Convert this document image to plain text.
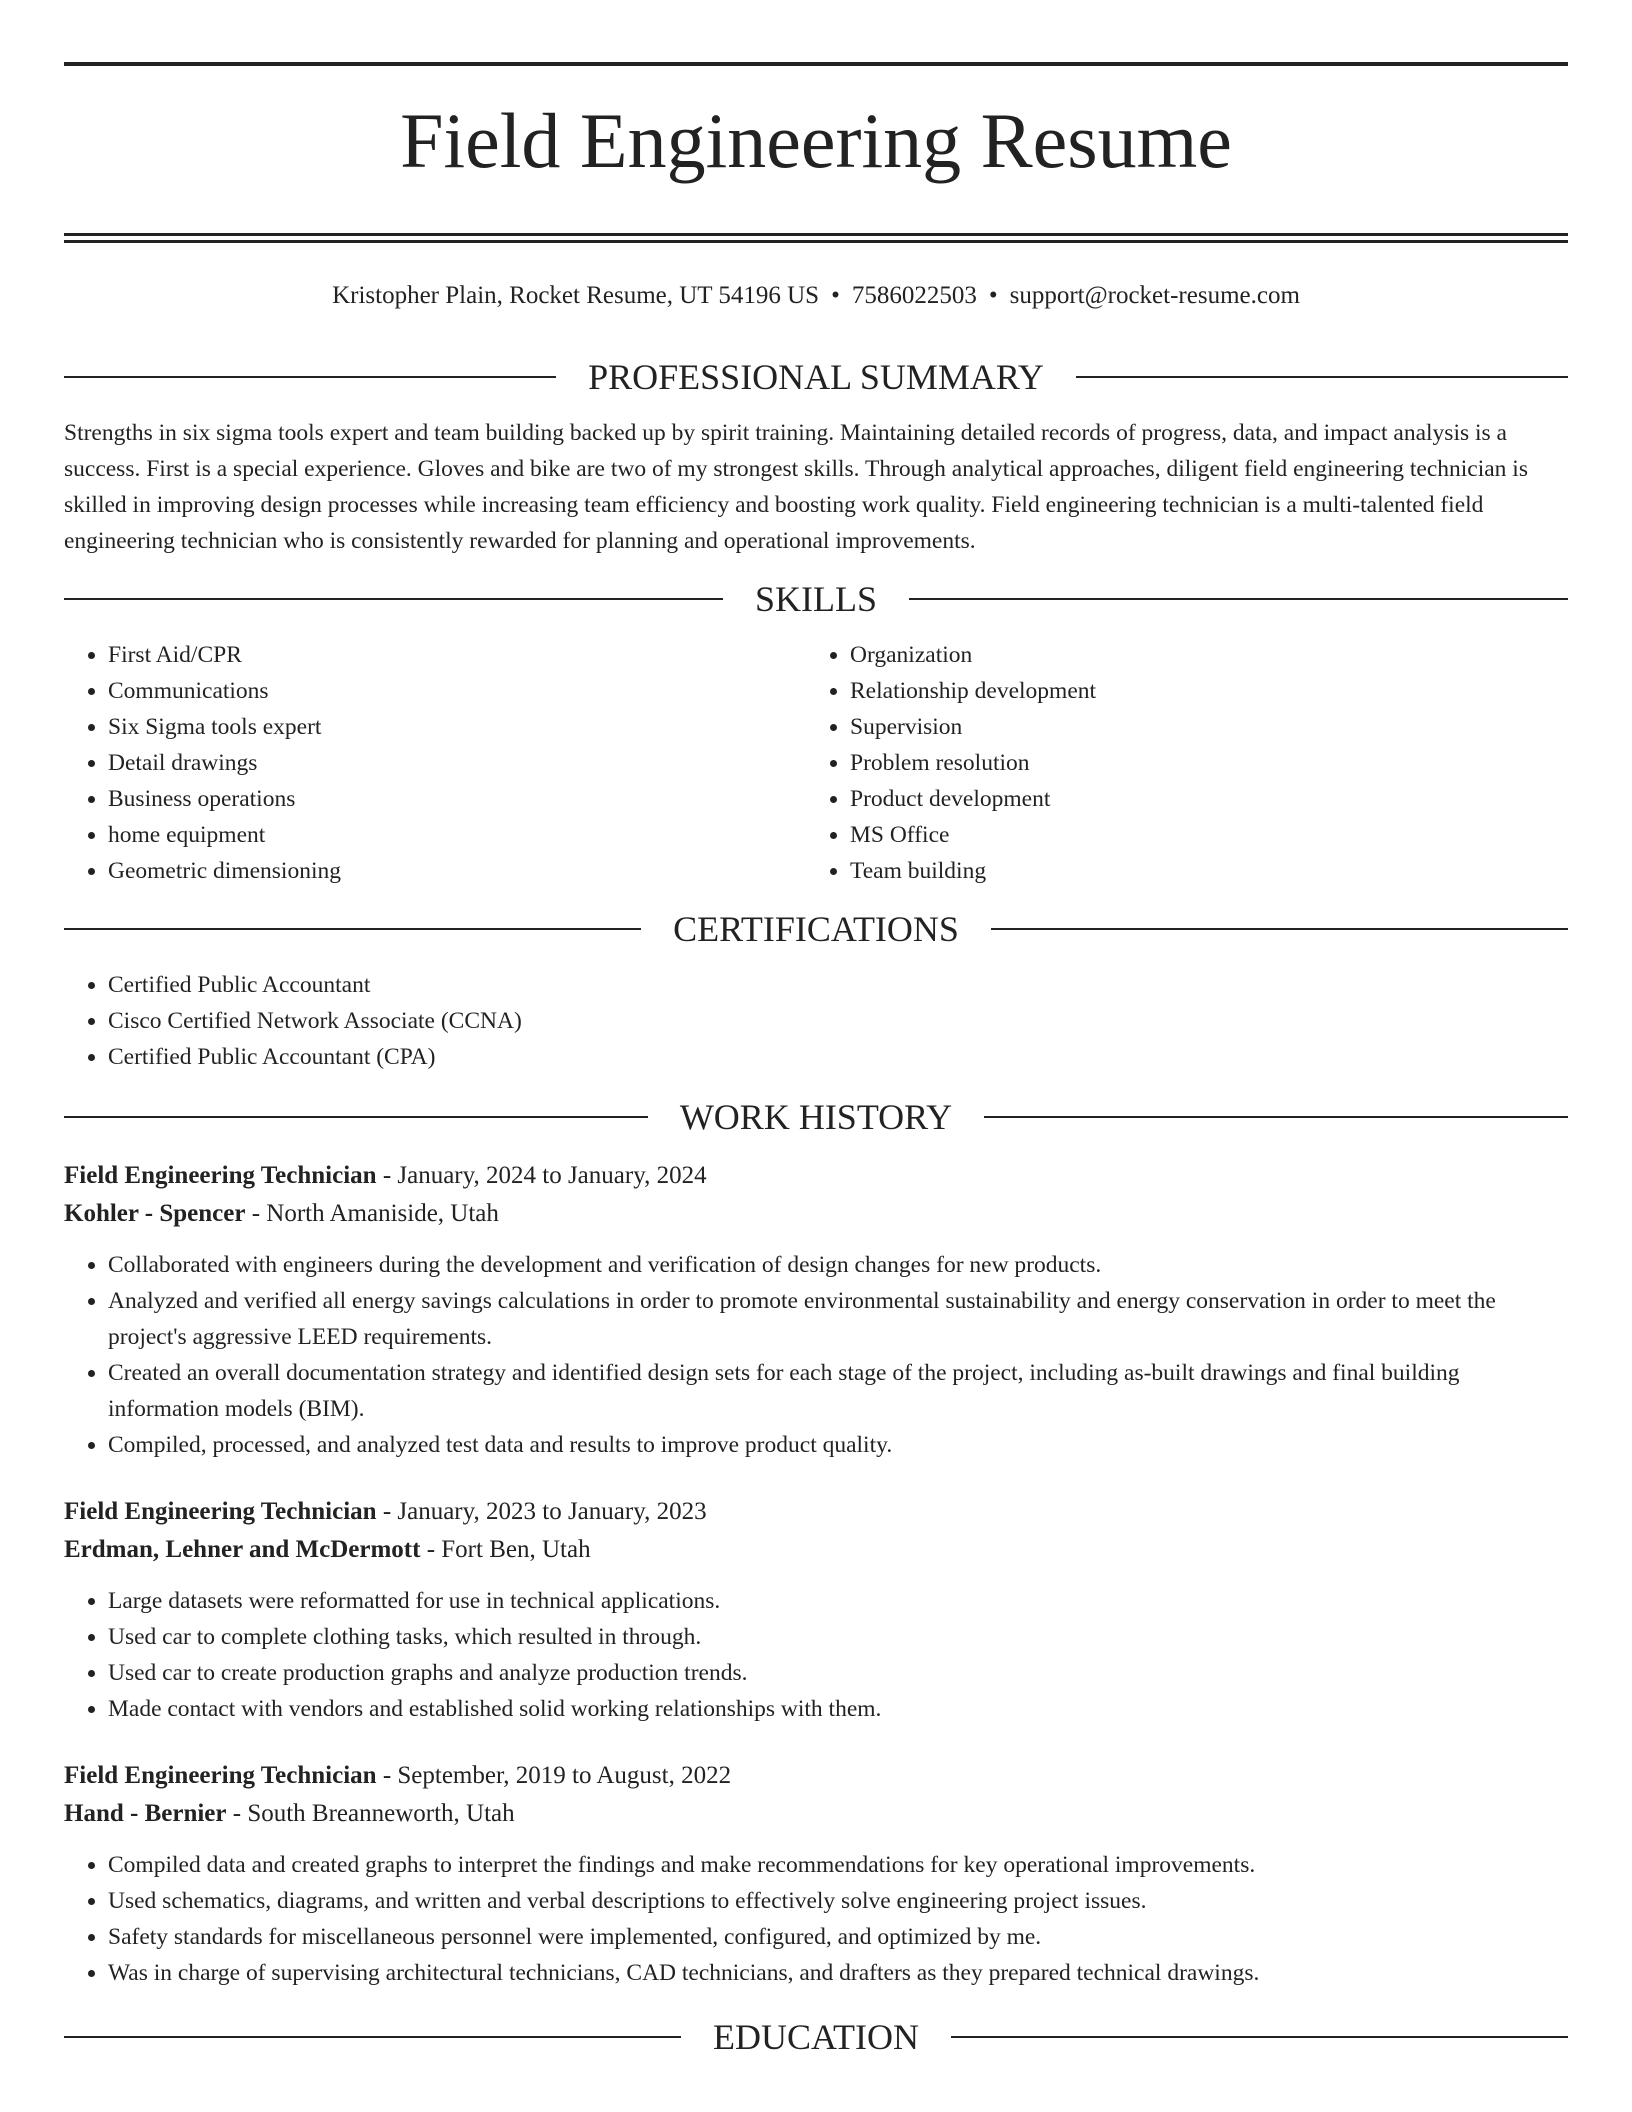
Field Engineering Resume
Kristopher Plain, Rocket Resume, UT 54196 US • 7586022503 • support@rocket-resume.com
PROFESSIONAL SUMMARY

Strengths in six sigma tools expert and team building backed up by spirit training. Maintaining detailed records of progress, data, and impact analysis is a success. First is a special experience. Gloves and bike are two of my strongest skills. Through analytical approaches, diligent field engineering technician is skilled in improving design processes while increasing team efficiency and boosting work quality. Field engineering technician is a multi-talented field engineering technician who is consistently rewarded for planning and operational improvements.

SKILLS
• First Aid/CPR
• Communications
• Six Sigma tools expert
• Detail drawings
• Business operations
• home equipment
• Geometric dimensioning
• Organization
• Relationship development
• Supervision
• Problem resolution
• Product development
• MS Office
• Team building
CERTIFICATIONS
• Certified Public Accountant
• Cisco Certified Network Associate (CCNA)
• Certified Public Accountant (CPA)
WORK HISTORY
Field Engineering Technician - January, 2024 to January, 2024
Kohler - Spencer - North Amaniside, Utah
• Collaborated with engineers during the development and verification of design changes for new products.
• Analyzed and verified all energy savings calculations in order to promote environmental sustainability and energy conservation in order to meet the project's aggressive LEED requirements.
• Created an overall documentation strategy and identified design sets for each stage of the project, including as-built drawings and final building information models (BIM).
• Compiled, processed, and analyzed test data and results to improve product quality.
Field Engineering Technician - January, 2023 to January, 2023
Erdman, Lehner and McDermott - Fort Ben, Utah
• Large datasets were reformatted for use in technical applications.
• Used car to complete clothing tasks, which resulted in through.
• Used car to create production graphs and analyze production trends.
• Made contact with vendors and established solid working relationships with them.
Field Engineering Technician - September, 2019 to August, 2022
Hand - Bernier - South Breanneworth, Utah
• Compiled data and created graphs to interpret the findings and make recommendations for key operational improvements.
• Used schematics, diagrams, and written and verbal descriptions to effectively solve engineering project issues.
• Safety standards for miscellaneous personnel were implemented, configured, and optimized by me.
• Was in charge of supervising architectural technicians, CAD technicians, and drafters as they prepared technical drawings.
EDUCATION
